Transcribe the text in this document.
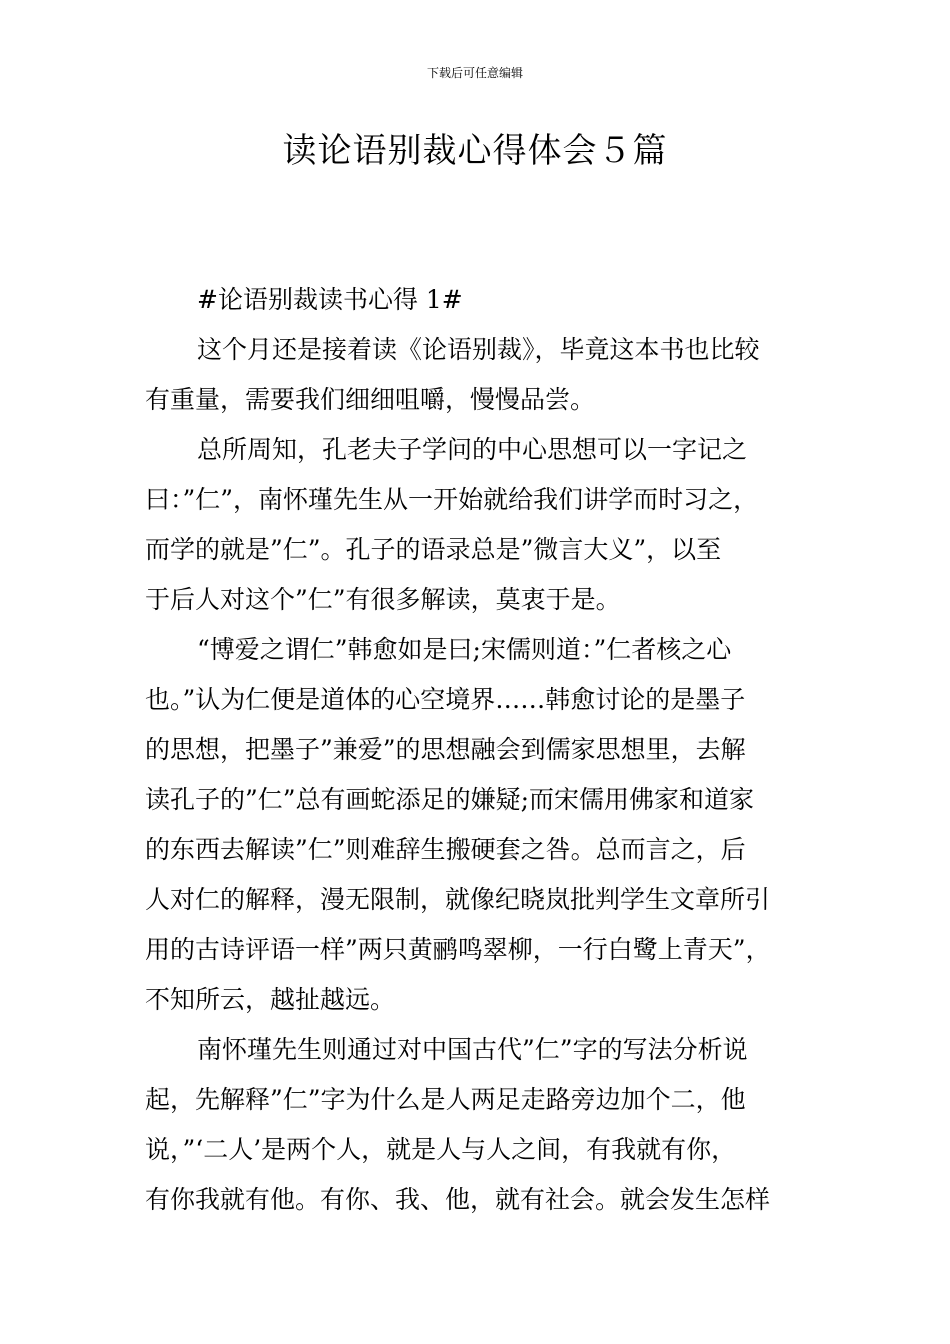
下载后可任意编辑
读论语别裁心得体会５篇
#论语别裁读书心得 1#
这个月还是接着读《论语别裁》，毕竟这本书也比较
有重量，需要我们细细咀嚼，慢慢品尝。
总所周知，孔老夫子学问的中心思想可以一字记之
曰：”仁”，南怀瑾先生从一开始就给我们讲学而时习之，
而学的就是”仁”。孔子的语录总是”微言大义”，以至
于后人对这个”仁”有很多解读，莫衷于是。
“博爱之谓仁”韩愈如是曰;宋儒则道：”仁者核之心
也。”认为仁便是道体的心空境界……韩愈讨论的是墨子
的思想，把墨子”兼爱”的思想融会到儒家思想里，去解
读孔子的”仁”总有画蛇添足的嫌疑;而宋儒用佛家和道家
的东西去解读”仁”则难辞生搬硬套之咎。总而言之，后
人对仁的解释，漫无限制，就像纪晓岚批判学生文章所引
用的古诗评语一样”两只黄鹂鸣翠柳，一行白鹭上青天”，
不知所云，越扯越远。
南怀瑾先生则通过对中国古代”仁”字的写法分析说
起，先解释”仁”字为什么是人两足走路旁边加个二，他
说，”‘二人’是两个人，就是人与人之间，有我就有你，
有你我就有他。有你、我、他，就有社会。就会发生怎样
